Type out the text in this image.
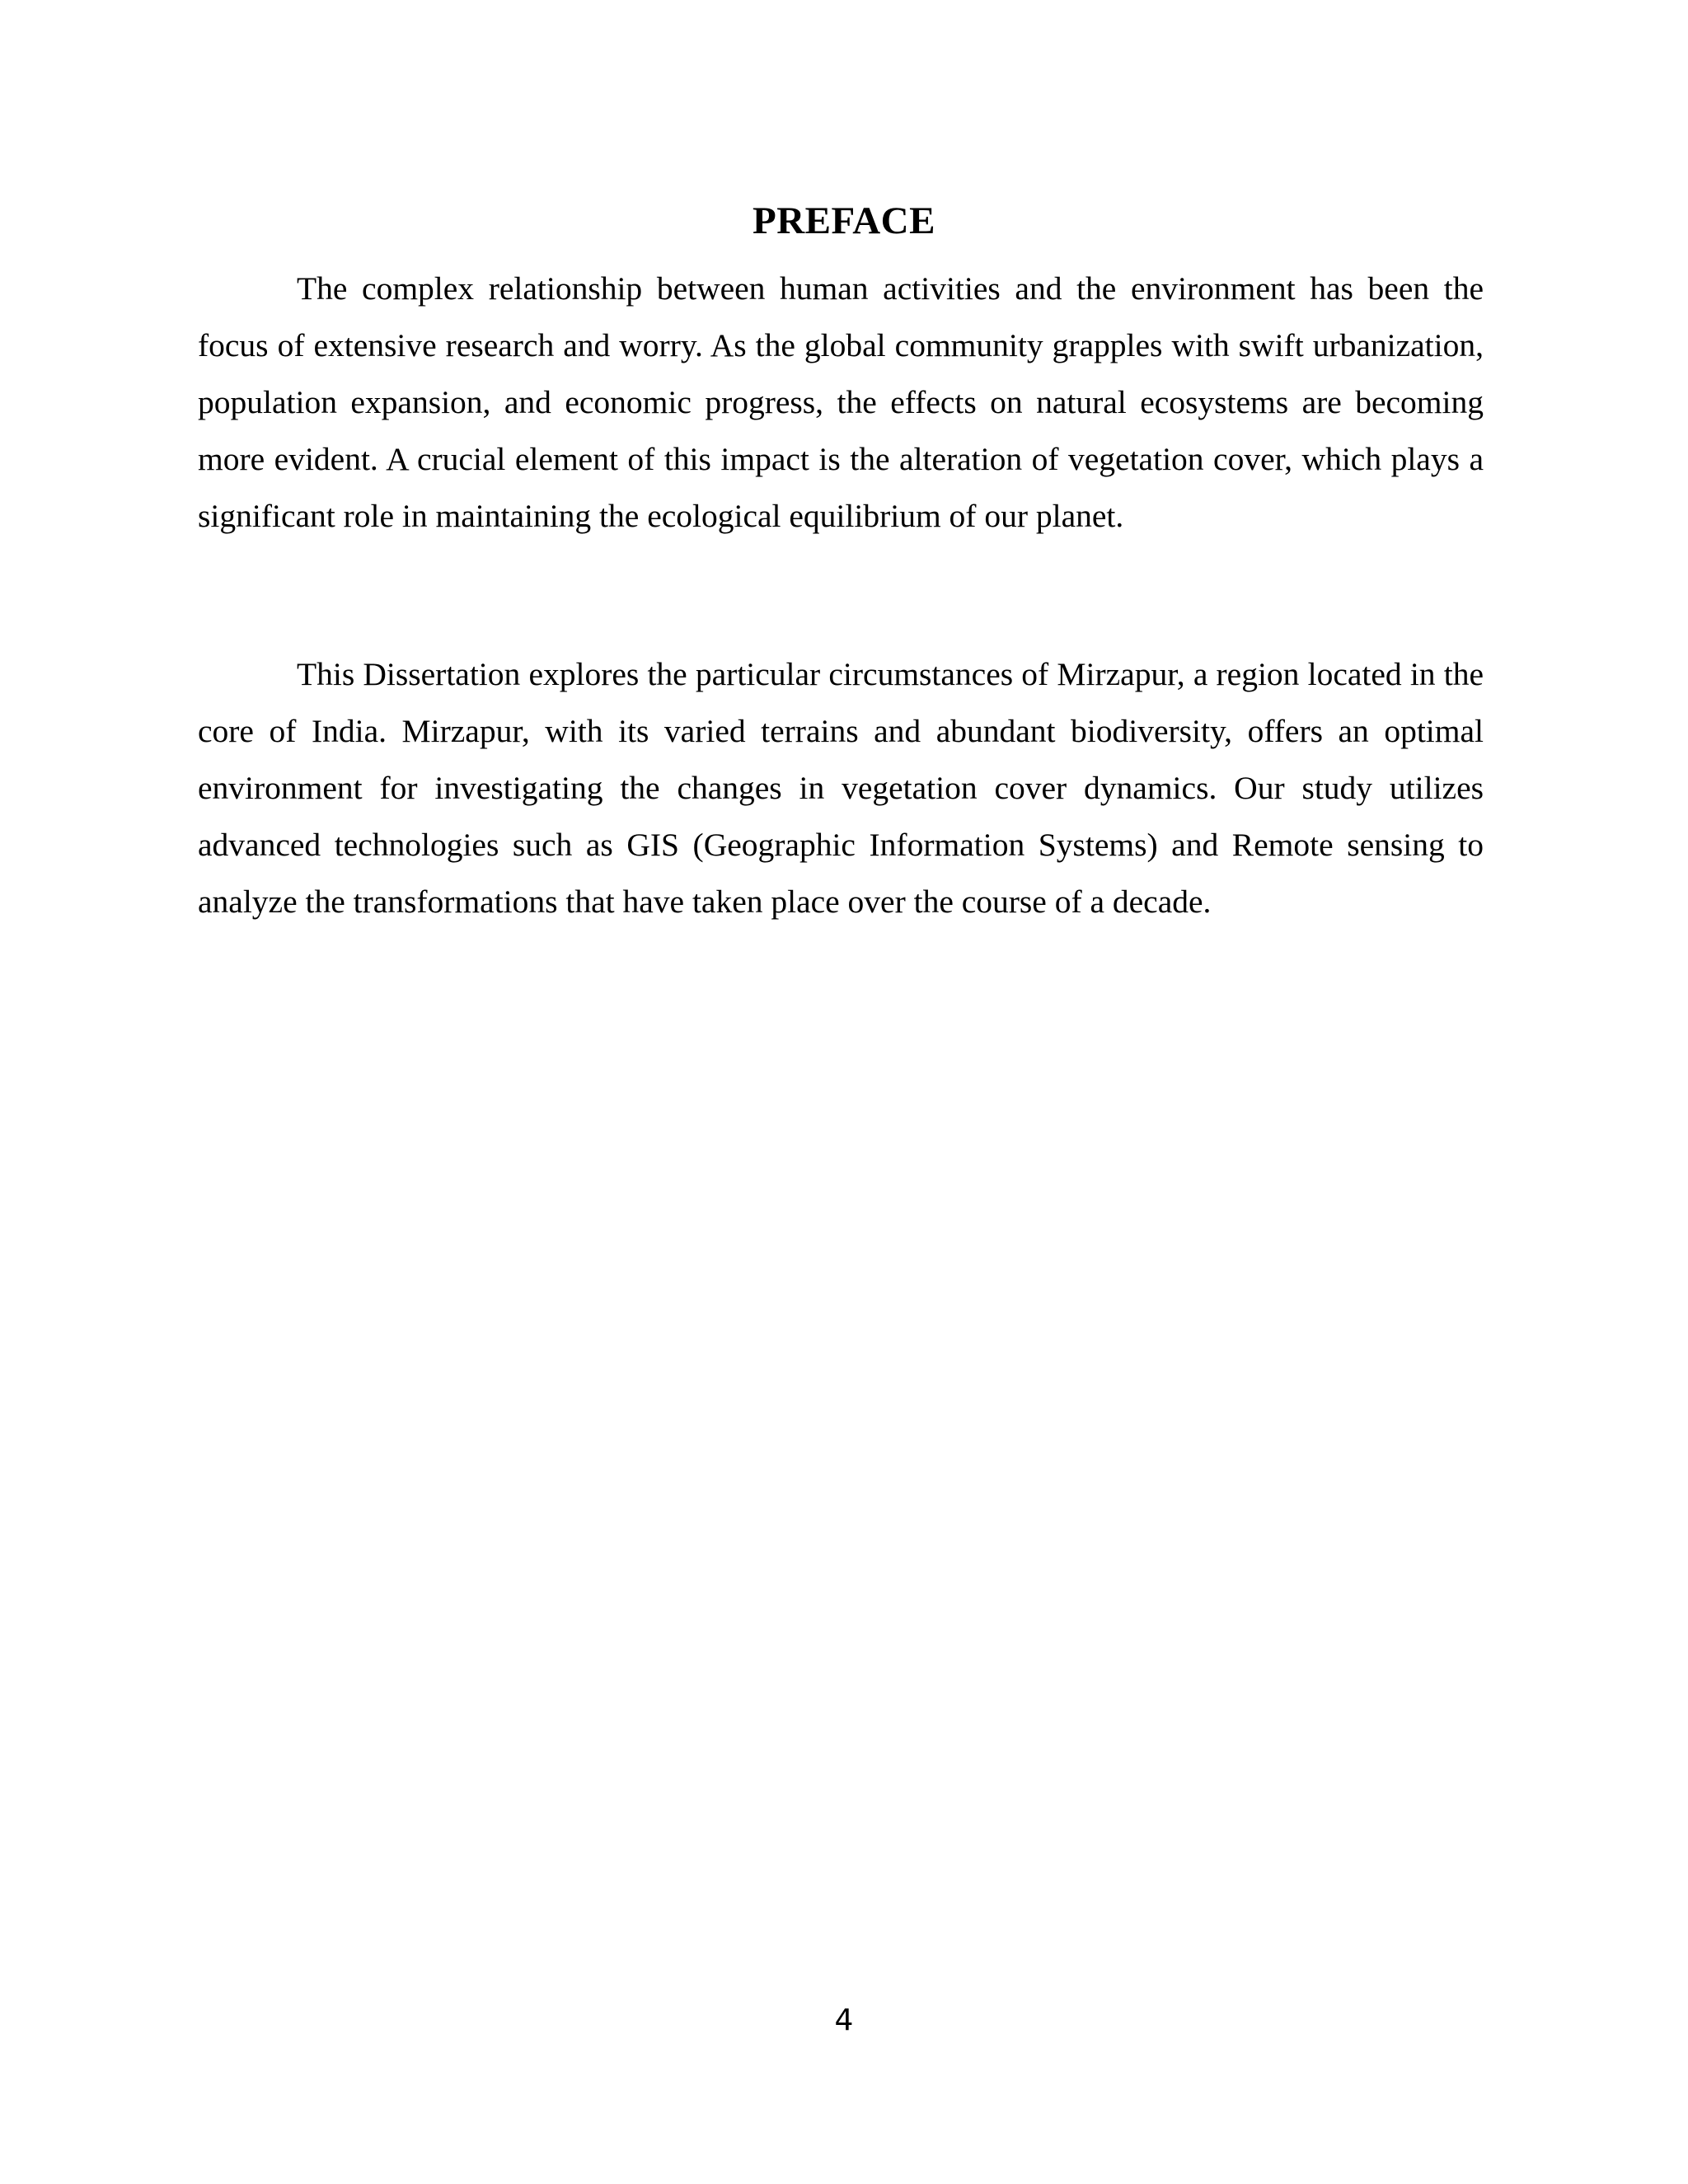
PREFACE

The complex relationship between human activities and the environment has been the focus of extensive research and worry. As the global community grapples with swift urbanization, population expansion, and economic progress, the effects on natural ecosystems are becoming more evident. A crucial element of this impact is the alteration of vegetation cover, which plays a significant role in maintaining the ecological equilibrium of our planet.

This Dissertation explores the particular circumstances of Mirzapur, a region located in the core of India. Mirzapur, with its varied terrains and abundant biodiversity, offers an optimal environment for investigating the changes in vegetation cover dynamics. Our study utilizes advanced technologies such as GIS (Geographic Information Systems) and Remote sensing to analyze the transformations that have taken place over the course of a decade.

4
